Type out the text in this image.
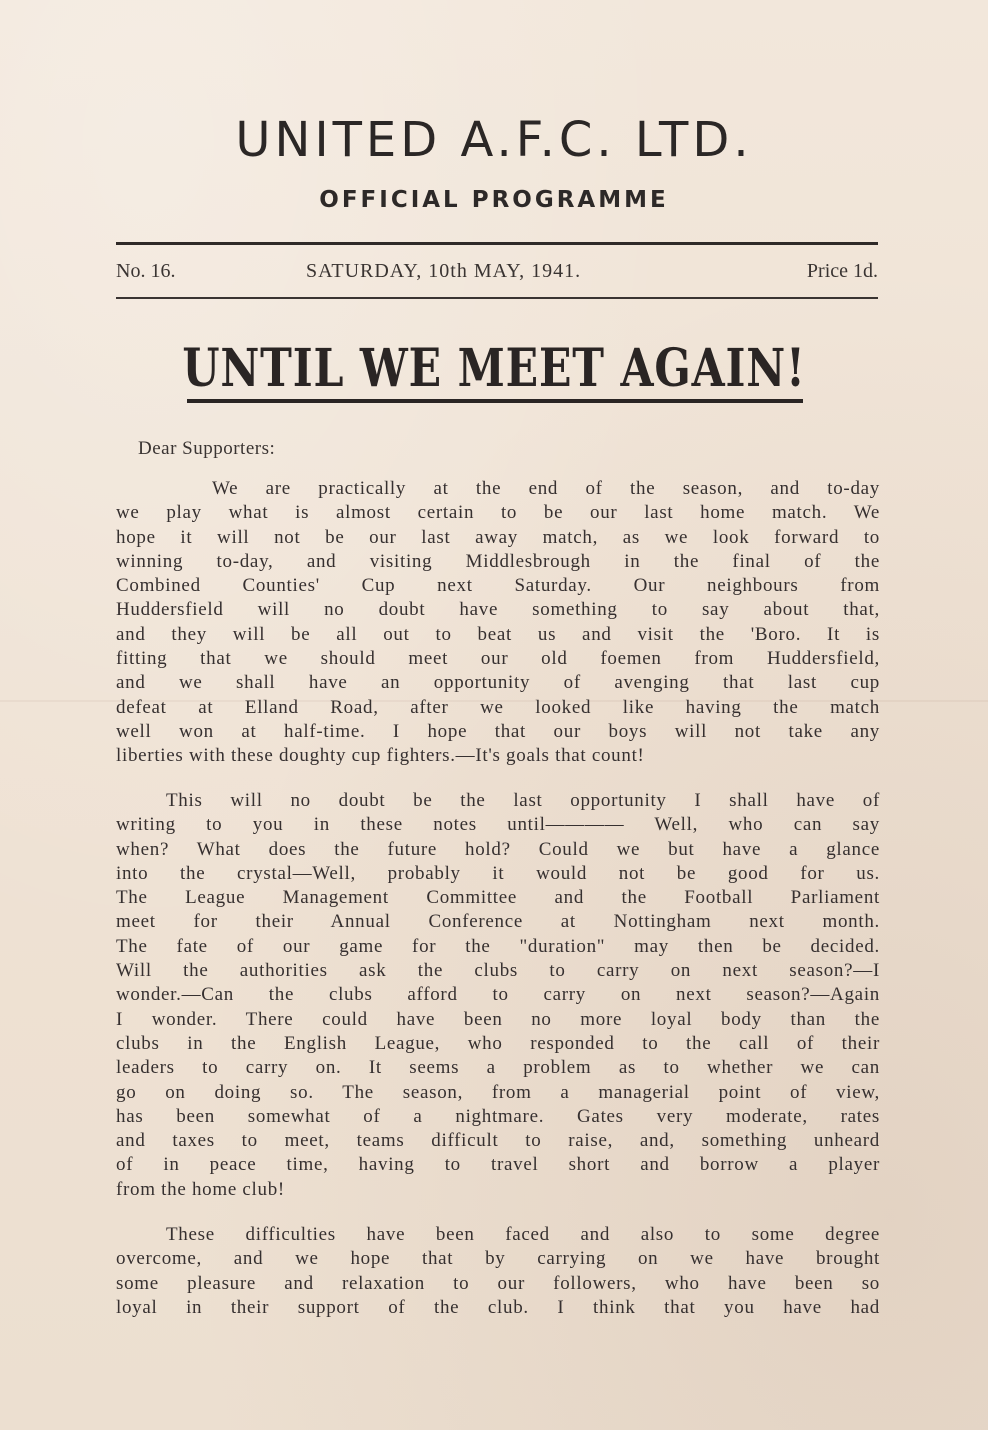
UNITED A.F.C. LTD.
OFFICIAL PROGRAMME
No. 16.	SATURDAY, 10th MAY, 1941.	Price 1d.
UNTIL WE MEET AGAIN!
Dear Supporters:
We are practically at the end of the season, and to-day
we play what is almost certain to be our last home match. We
hope it will not be our last away match, as we look forward to
winning to-day, and visiting Middlesbrough in the final of the
Combined Counties' Cup next Saturday. Our neighbours from
Huddersfield will no doubt have something to say about that,
and they will be all out to beat us and visit the 'Boro. It is
fitting that we should meet our old foemen from Huddersfield,
and we shall have an opportunity of avenging that last cup
defeat at Elland Road, after we looked like having the match
well won at half-time. I hope that our boys will not take any
liberties with these doughty cup fighters.—It's goals that count!
This will no doubt be the last opportunity I shall have of
writing to you in these notes until———— Well, who can say
when? What does the future hold? Could we but have a glance
into the crystal—Well, probably it would not be good for us.
The League Management Committee and the Football Parliament
meet for their Annual Conference at Nottingham next month.
The fate of our game for the "duration" may then be decided.
Will the authorities ask the clubs to carry on next season?—I
wonder.—Can the clubs afford to carry on next season?—Again
I wonder. There could have been no more loyal body than the
clubs in the English League, who responded to the call of their
leaders to carry on. It seems a problem as to whether we can
go on doing so. The season, from a managerial point of view,
has been somewhat of a nightmare. Gates very moderate, rates
and taxes to meet, teams difficult to raise, and, something unheard
of in peace time, having to travel short and borrow a player
from the home club!
These difficulties have been faced and also to some degree
overcome, and we hope that by carrying on we have brought
some pleasure and relaxation to our followers, who have been so
loyal in their support of the club. I think that you have had
